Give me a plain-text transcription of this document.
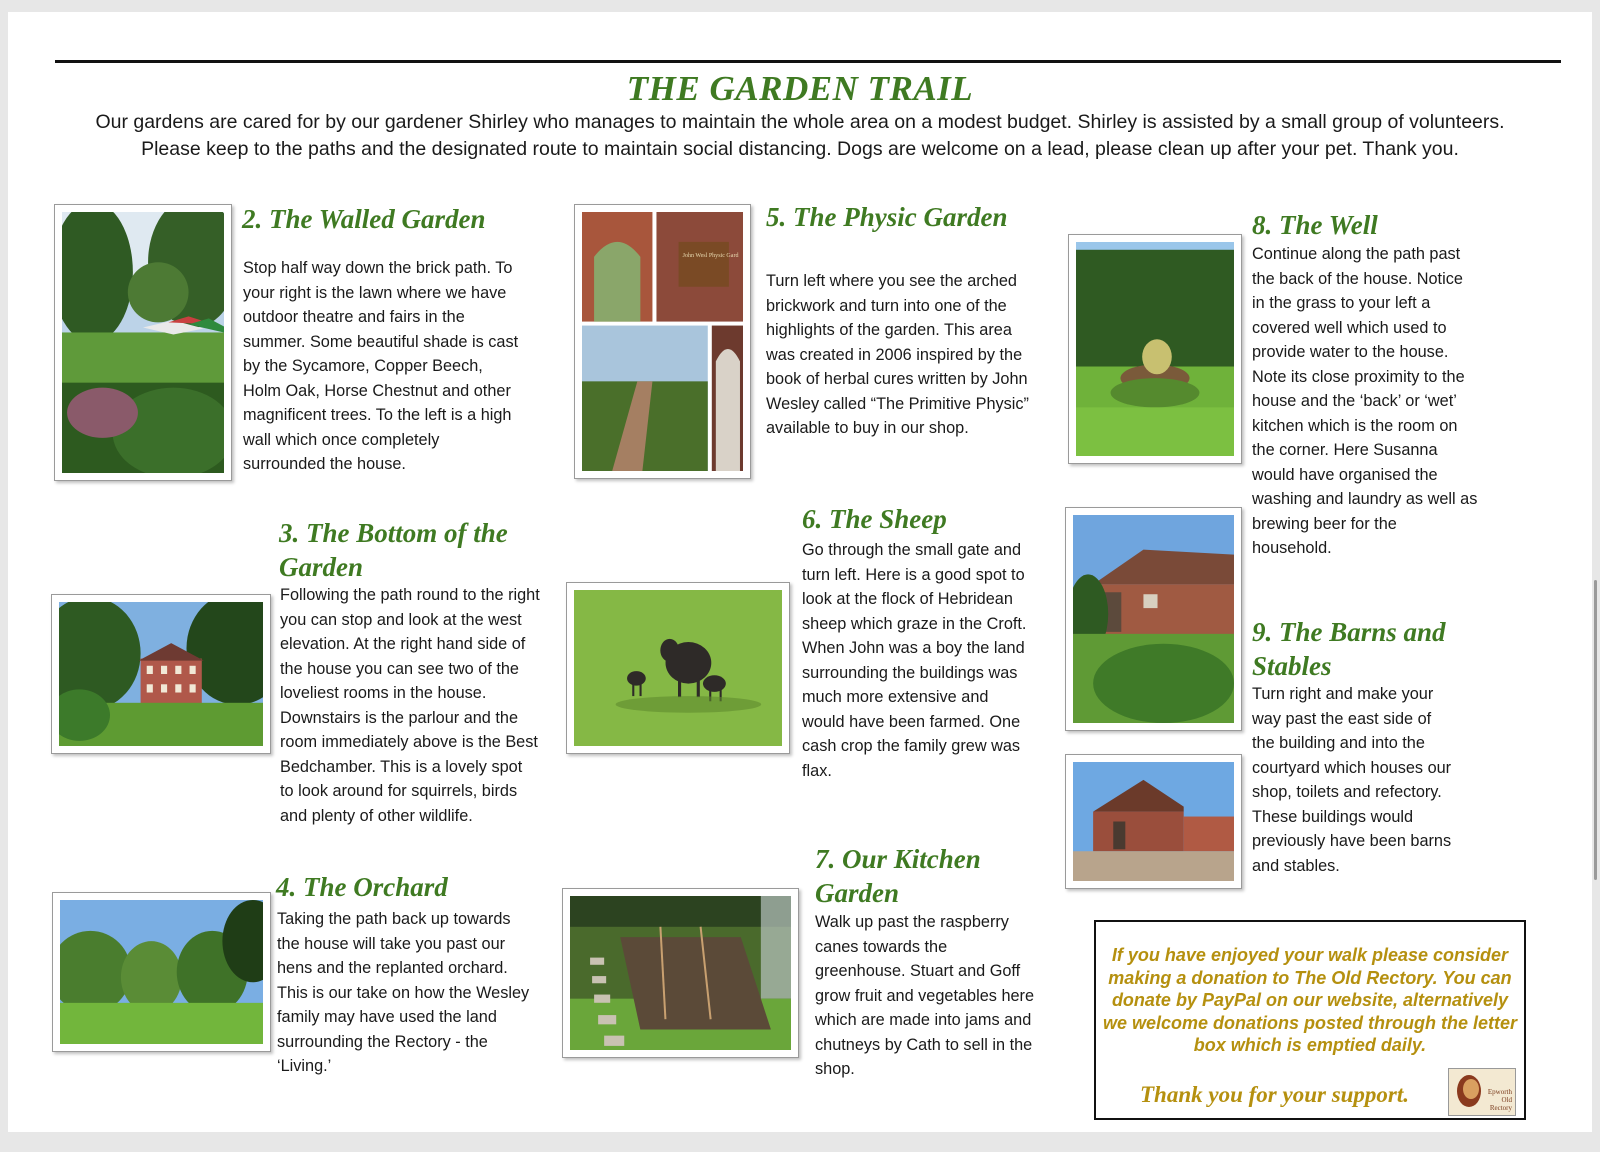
THE GARDEN TRAIL
Our gardens are cared for by our gardener Shirley who manages to maintain the whole area on a modest budget. Shirley is assisted by a small group of volunteers. Please keep to the paths and the designated route to maintain social distancing. Dogs are welcome on a lead, please clean up after your pet. Thank you.
2. The Walled Garden
Stop half way down the brick path. To your right is the lawn where we have outdoor theatre and fairs in the summer. Some beautiful shade is cast by the Sycamore, Copper Beech, Holm Oak, Horse Chestnut and other magnificent trees. To the left is a high wall which once completely surrounded the house.
3. The Bottom of the Garden
Following the path round to the right you can stop and look at the west elevation. At the right hand side of the house you can see two of the loveliest rooms in the house. Downstairs is the parlour and the room immediately above is the Best Bedchamber. This is a lovely spot to look around for squirrels, birds and plenty of other wildlife.
4. The Orchard
Taking the path back up towards the house will take you past our hens and the replanted orchard. This is our take on how the Wesley family may have used the land surrounding the Rectory - the ‘Living.’
John Wesl Physic Gard
5. The Physic Garden
Turn left where you see the arched brickwork and turn into one of the highlights of the garden. This area was created in 2006 inspired by the book of herbal cures written by John Wesley called “The Primitive Physic” available to buy in our shop.
6. The Sheep
Go through the small gate and turn left. Here is a good spot to look at the flock of Hebridean sheep which graze in the Croft. When John was a boy the land surrounding the buildings was much more extensive and would have been farmed. One cash crop the family grew was flax.
7. Our Kitchen Garden
Walk up past the raspberry canes towards the greenhouse. Stuart and Goff grow fruit and vegetables here which are made into jams and chutneys by Cath to sell in the shop.
8. The Well
Continue along the path past the back of the house. Notice in the grass to your left a covered well which used to provide water to the house. Note its close proximity to the house and the ‘back’ or ‘wet’ kitchen which is the room on the corner. Here Susanna would have organised the washing and laundry as well as brewing beer for the household.
9. The Barns and Stables
Turn right and make your way past the east side of the building and into the courtyard which houses our shop, toilets and refectory. These buildings would previously have been barns and stables.
If you have enjoyed your walk please consider making a donation to The Old Rectory. You can donate by PayPal on our website, alternatively we welcome donations posted through the letter box which is emptied daily.
Thank you for your support.	Epworth Old Rectory
